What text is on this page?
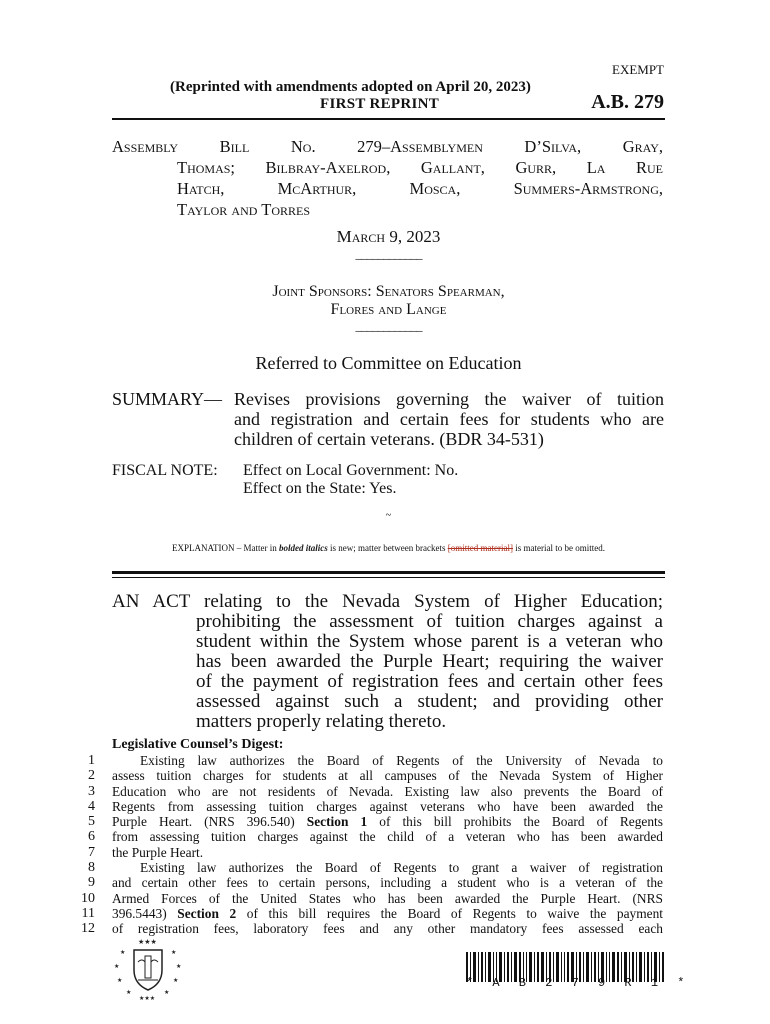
EXEMPT
(Reprinted with amendments adopted on April 20, 2023)
FIRST REPRINT	A.B. 279
Assembly Bill No. 279–Assemblymen D’Silva, Gray,
Thomas; Bilbray-Axelrod, Gallant, Gurr, La Rue
Hatch, McArthur, Mosca, Summers-Armstrong,
Taylor and Torres
March 9, 2023
____________
Joint Sponsors: Senators Spearman,
Flores and Lange
____________
Referred to Committee on Education
SUMMARY— Revises provisions governing the waiver of tuition
and registration and certain fees for students who are
children of certain veterans. (BDR 34-531)
FISCAL NOTE:	Effect on Local Government: No.
Effect on the State: Yes.
~
EXPLANATION – Matter in bolded italics is new; matter between brackets [omitted material] is material to be omitted.
AN ACT relating to the Nevada System of Higher Education;
prohibiting the assessment of tuition charges against a
student within the System whose parent is a veteran who
has been awarded the Purple Heart; requiring the waiver
of the payment of registration fees and certain other fees
assessed against such a student; and providing other
matters properly relating thereto.
Legislative Counsel’s Digest:
1
2
3
4
5
6
7
8
9
10
11
12
Existing law authorizes the Board of Regents of the University of Nevada to
assess tuition charges for students at all campuses of the Nevada System of Higher
Education who are not residents of Nevada. Existing law also prevents the Board of
Regents from assessing tuition charges against veterans who have been awarded the
Purple Heart. (NRS 396.540) Section 1 of this bill prohibits the Board of Regents
from assessing tuition charges against the child of a veteran who has been awarded
the Purple Heart.
Existing law authorizes the Board of Regents to grant a waiver of registration
and certain other fees to certain persons, including a student who is a veteran of the
Armed Forces of the United States who has been awarded the Purple Heart. (NRS
396.5443) Section 2 of this bill requires the Board of Regents to waive the payment
of registration fees, laboratory fees and any other mandatory fees assessed each
★★★
★	★
★	★
★	★
★	★
★★★
* A B 2 7 9 R 1 *
